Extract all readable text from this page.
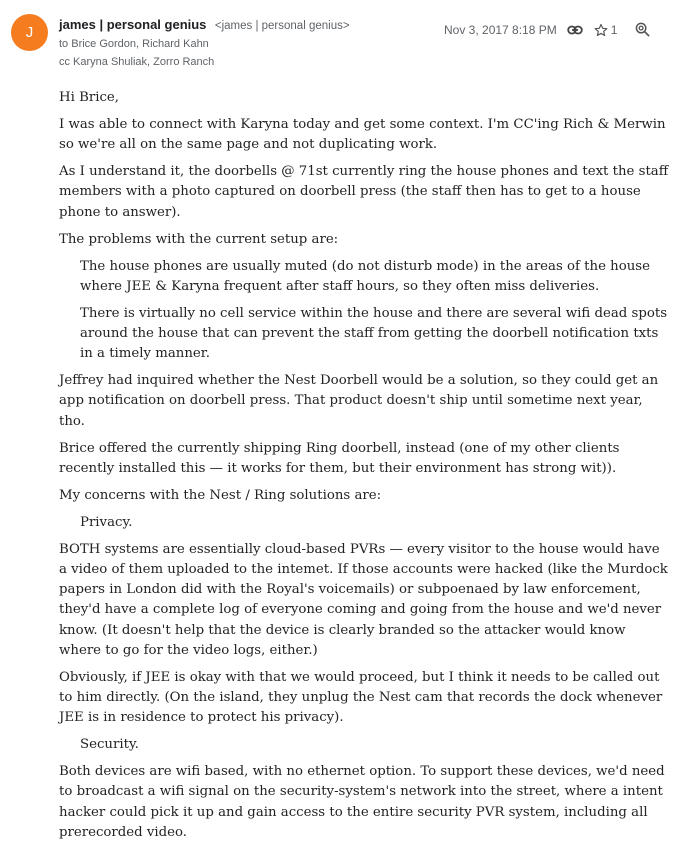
J	james | personal genius <james | personal genius>
to Brice Gordon, Richard Kahn
cc Karyna Shuliak, Zorro Ranch
Nov 3, 2017 8:18 PM	1

Hi Brice,

I was able to connect with Karyna today and get some context. I'm CC'ing Rich & Merwin so we're all on the same page and not duplicating work.

As I understand it, the doorbells @ 71st currently ring the house phones and text the staff members with a photo captured on doorbell press (the staff then has to get to a house phone to answer).

The problems with the current setup are:

The house phones are usually muted (do not disturb mode) in the areas of the house where JEE & Karyna frequent after staff hours, so they often miss deliveries.

There is virtually no cell service within the house and there are several wifi dead spots around the house that can prevent the staff from getting the doorbell notification txts in a timely manner.

Jeffrey had inquired whether the Nest Doorbell would be a solution, so they could get an app notification on doorbell press. That product doesn't ship until sometime next year, tho.

Brice offered the currently shipping Ring doorbell, instead (one of my other clients recently installed this — it works for them, but their environment has strong wit)).

My concerns with the Nest / Ring solutions are:

Privacy.

BOTH systems are essentially cloud-based PVRs — every visitor to the house would have a video of them uploaded to the intemet. If those accounts were hacked (like the Murdock papers in London did with the Royal's voicemails) or subpoenaed by law enforcement, they'd have a complete log of everyone coming and going from the house and we'd never know. (It doesn't help that the device is clearly branded so the attacker would know where to go for the video logs, either.)

Obviously, if JEE is okay with that we would proceed, but I think it needs to be called out to him directly. (On the island, they unplug the Nest cam that records the dock whenever JEE is in residence to protect his privacy).

Security.

Both devices are wifi based, with no ethernet option. To support these devices, we'd need to broadcast a wifi signal on the security-system's network into the street, where a intent hacker could pick it up and gain access to the entire security PVR system, including all prerecorded video.
